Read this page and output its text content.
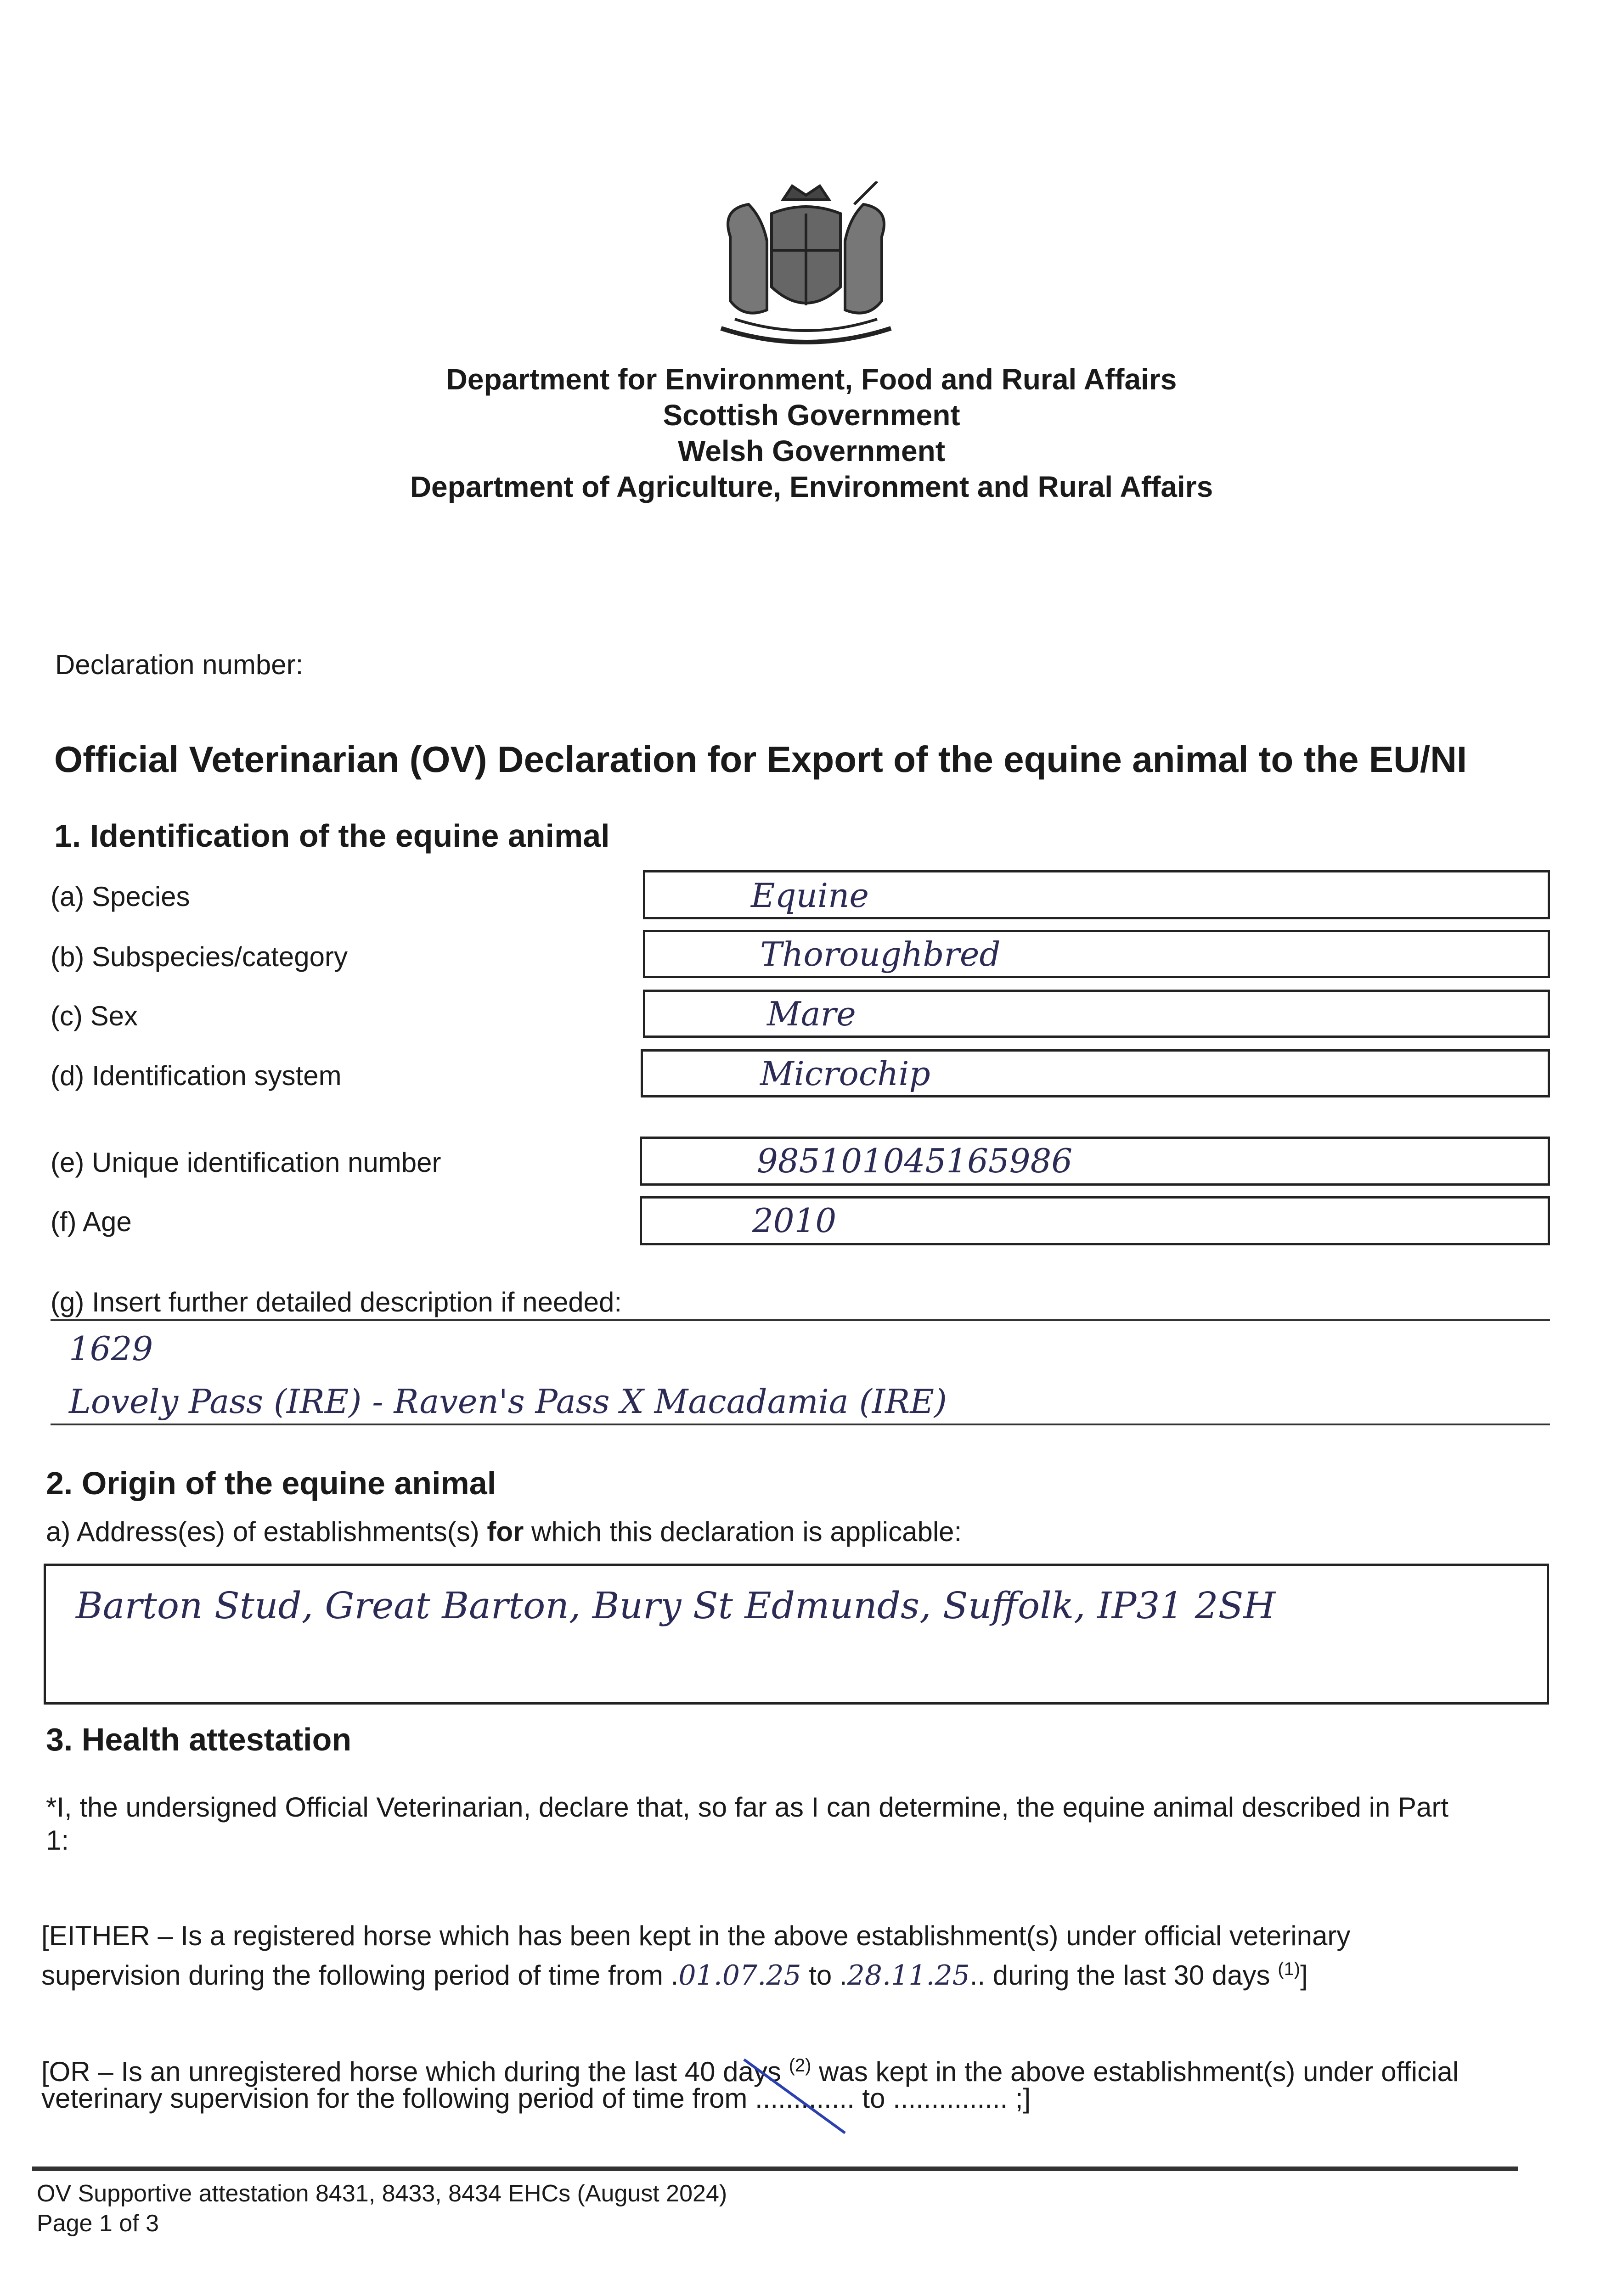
Department for Environment, Food and Rural Affairs
Scottish Government
Welsh Government
Department of Agriculture, Environment and Rural Affairs
Declaration number:
Official Veterinarian (OV) Declaration for Export of the equine animal to the EU/NI
1. Identification of the equine animal
(a) Species	Equine
(b) Subspecies/category	Thoroughbred
(c) Sex	Mare
(d) Identification system	Microchip
(e) Unique identification number	985101045165986
(f) Age	2010
(g) Insert further detailed description if needed:
1629
Lovely Pass (IRE) - Raven's Pass X Macadamia (IRE)
2. Origin of the equine animal
a) Address(es) of establishments(s) for which this declaration is applicable:
Barton Stud, Great Barton, Bury St Edmunds, Suffolk, IP31 2SH
3. Health attestation
*I, the undersigned Official Veterinarian, declare that, so far as I can determine, the equine animal described in Part
1:
[EITHER – Is a registered horse which has been kept in the above establishment(s) under official veterinary
supervision during the following period of time from .01.07.25 to .28.11.25.. during the last 30 days $^{(1)}$]
[OR – Is an unregistered horse which during the last 40 days $^{(2)}$ was kept in the above establishment(s) under official
veterinary supervision for the following period of time from ............. to ............... ;]
OV Supportive attestation 8431, 8433, 8434 EHCs (August 2024)
Page 1 of 3
